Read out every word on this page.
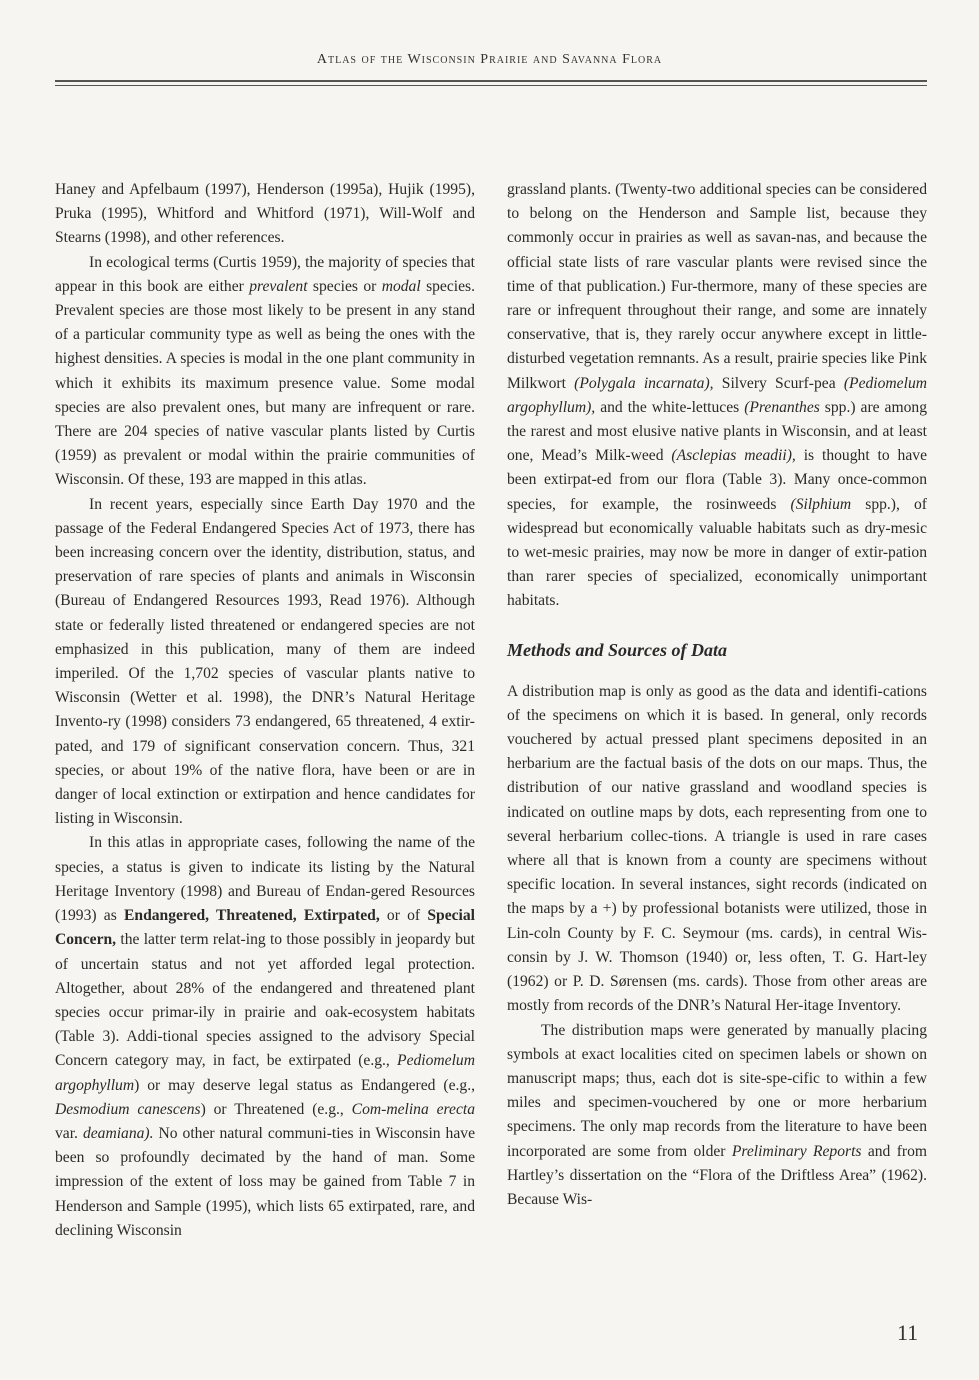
Atlas of the Wisconsin Prairie and Savanna Flora

Haney and Apfelbaum (1997), Henderson (1995a), Hujik (1995), Pruka (1995), Whitford and Whitford (1971), Will-Wolf and Stearns (1998), and other references.

In ecological terms (Curtis 1959), the majority of species that appear in this book are either prevalent species or modal species. Prevalent species are those most likely to be present in any stand of a particular community type as well as being the ones with the highest densities. A species is modal in the one plant community in which it exhibits its maximum presence value. Some modal species are also prevalent ones, but many are infrequent or rare. There are 204 species of native vascular plants listed by Curtis (1959) as prevalent or modal within the prairie communities of Wisconsin. Of these, 193 are mapped in this atlas.

In recent years, especially since Earth Day 1970 and the passage of the Federal Endangered Species Act of 1973, there has been increasing concern over the identity, distribution, status, and preservation of rare species of plants and animals in Wisconsin (Bureau of Endangered Resources 1993, Read 1976). Although state or federally listed threatened or endangered species are not emphasized in this publication, many of them are indeed imperiled. Of the 1,702 species of vascular plants native to Wisconsin (Wetter et al. 1998), the DNR’s Natural Heritage Invento-ry (1998) considers 73 endangered, 65 threatened, 4 extir-pated, and 179 of significant conservation concern. Thus, 321 species, or about 19% of the native flora, have been or are in danger of local extinction or extirpation and hence candidates for listing in Wisconsin.

In this atlas in appropriate cases, following the name of the species, a status is given to indicate its listing by the Natural Heritage Inventory (1998) and Bureau of Endan-gered Resources (1993) as Endangered, Threatened, Extirpated, or of Special Concern, the latter term relat-ing to those possibly in jeopardy but of uncertain status and not yet afforded legal protection. Altogether, about 28% of the endangered and threatened plant species occur primar-ily in prairie and oak-ecosystem habitats (Table 3). Addi-tional species assigned to the advisory Special Concern category may, in fact, be extirpated (e.g., Pediomelum argophyllum) or may deserve legal status as Endangered (e.g., Desmodium canescens) or Threatened (e.g., Com-melina erecta var. deamiana). No other natural communi-ties in Wisconsin have been so profoundly decimated by the hand of man. Some impression of the extent of loss may be gained from Table 7 in Henderson and Sample (1995), which lists 65 extirpated, rare, and declining Wisconsin

grassland plants. (Twenty-two additional species can be considered to belong on the Henderson and Sample list, because they commonly occur in prairies as well as savan-nas, and because the official state lists of rare vascular plants were revised since the time of that publication.) Fur-thermore, many of these species are rare or infrequent throughout their range, and some are innately conservative, that is, they rarely occur anywhere except in little-disturbed vegetation remnants. As a result, prairie species like Pink Milkwort (Polygala incarnata), Silvery Scurf-pea (Pediomelum argophyllum), and the white-lettuces (Prenanthes spp.) are among the rarest and most elusive native plants in Wisconsin, and at least one, Mead’s Milk-weed (Asclepias meadii), is thought to have been extirpat-ed from our flora (Table 3). Many once-common species, for example, the rosinweeds (Silphium spp.), of widespread but economically valuable habitats such as dry-mesic to wet-mesic prairies, may now be more in danger of extir-pation than rarer species of specialized, economically unimportant habitats.

Methods and Sources of Data

A distribution map is only as good as the data and identifi-cations of the specimens on which it is based. In general, only records vouchered by actual pressed plant specimens deposited in an herbarium are the factual basis of the dots on our maps. Thus, the distribution of our native grassland and woodland species is indicated on outline maps by dots, each representing from one to several herbarium collec-tions. A triangle is used in rare cases where all that is known from a county are specimens without specific location. In several instances, sight records (indicated on the maps by a +) by professional botanists were utilized, those in Lin-coln County by F. C. Seymour (ms. cards), in central Wis-consin by J. W. Thomson (1940) or, less often, T. G. Hart-ley (1962) or P. D. Sørensen (ms. cards). Those from other areas are mostly from records of the DNR’s Natural Her-itage Inventory.

The distribution maps were generated by manually placing symbols at exact localities cited on specimen labels or shown on manuscript maps; thus, each dot is site-spe-cific to within a few miles and specimen-vouchered by one or more herbarium specimens. The only map records from the literature to have been incorporated are some from older Preliminary Reports and from Hartley’s dissertation on the “Flora of the Driftless Area” (1962). Because Wis-

11
